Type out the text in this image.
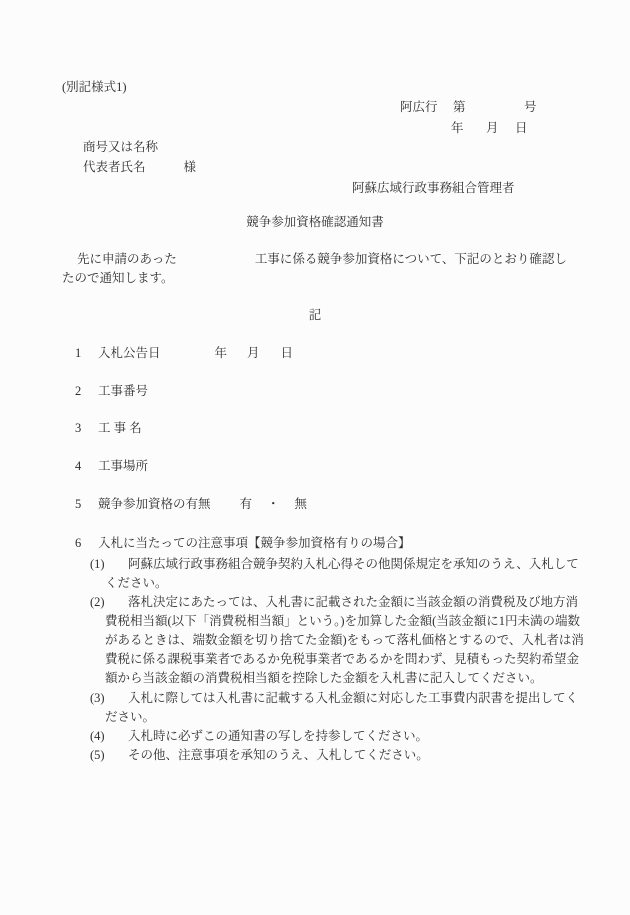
(別記様式1)
阿広行 第	号
年 月 日
商号又は名称
代表者氏名	様
阿蘇広域行政事務組合管理者
競争参加資格確認通知書
先に申請のあった	工事に係る競争参加資格について、下記のとおり確認し
たので通知します。
記
1 入札公告日	年 月 日
2 工事番号
3 工 事 名
4 工事場所
5 競争参加資格の有無 有 ・ 無
6 入札に当たっての注意事項【競争参加資格有りの場合】
(1) 阿蘇広域行政事務組合競争契約入札心得その他関係規定を承知のうえ、入札してください。
(2) 落札決定にあたっては、入札書に記載された金額に当該金額の消費税及び地方消費税相当額(以下「消費税相当額」という。)を加算した金額(当該金額に1円未満の端数があるときは、端数金額を切り捨てた金額)をもって落札価格とするので、入札者は消費税に係る課税事業者であるか免税事業者であるかを問わず、見積もった契約希望金額から当該金額の消費税相当額を控除した金額を入札書に記入してください。
(3) 入札に際しては入札書に記載する入札金額に対応した工事費内訳書を提出してください。
(4) 入札時に必ずこの通知書の写しを持参してください。
(5) その他、注意事項を承知のうえ、入札してください。
